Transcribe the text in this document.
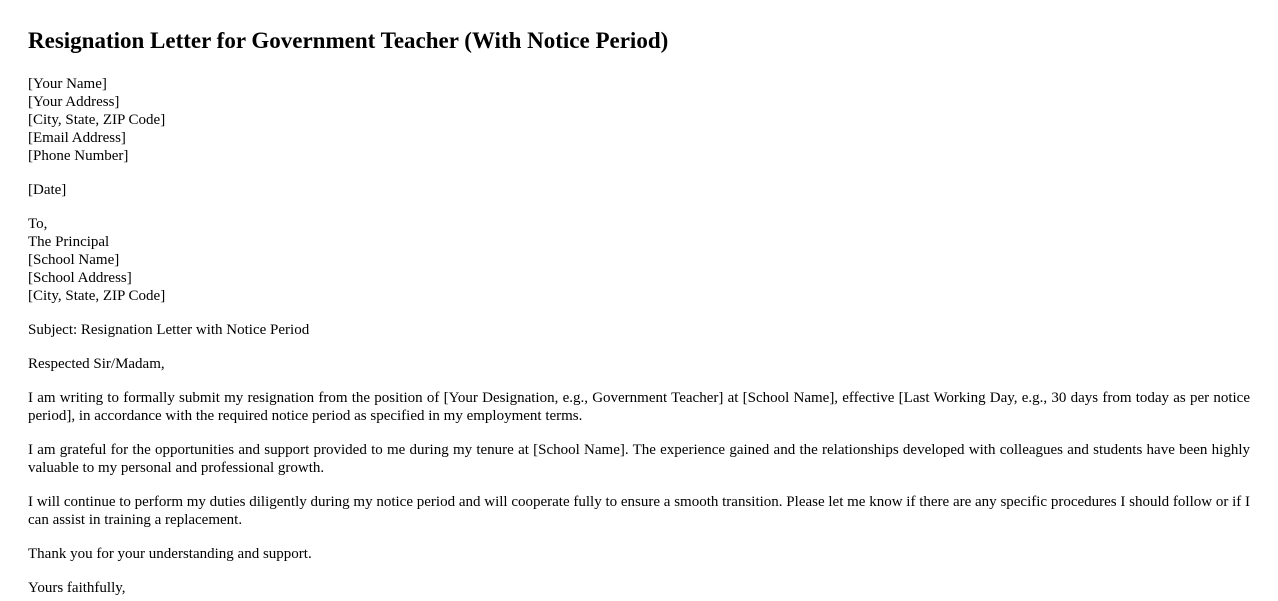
Resignation Letter for Government Teacher (With Notice Period)
[Your Name]
[Your Address]
[City, State, ZIP Code]
[Email Address]
[Phone Number]
[Date]
To,
The Principal
[School Name]
[School Address]
[City, State, ZIP Code]

Subject: Resignation Letter with Notice Period

Respected Sir/Madam,

I am writing to formally submit my resignation from the position of [Your Designation, e.g., Government Teacher] at [School Name], effective [Last Working Day, e.g., 30 days from today as per notice period], in accordance with the required notice period as specified in my employment terms.

I am grateful for the opportunities and support provided to me during my tenure at [School Name]. The experience gained and the relationships developed with colleagues and students have been highly valuable to my personal and professional growth.

I will continue to perform my duties diligently during my notice period and will cooperate fully to ensure a smooth transition. Please let me know if there are any specific procedures I should follow or if I can assist in training a replacement.

Thank you for your understanding and support.

Yours faithfully,
